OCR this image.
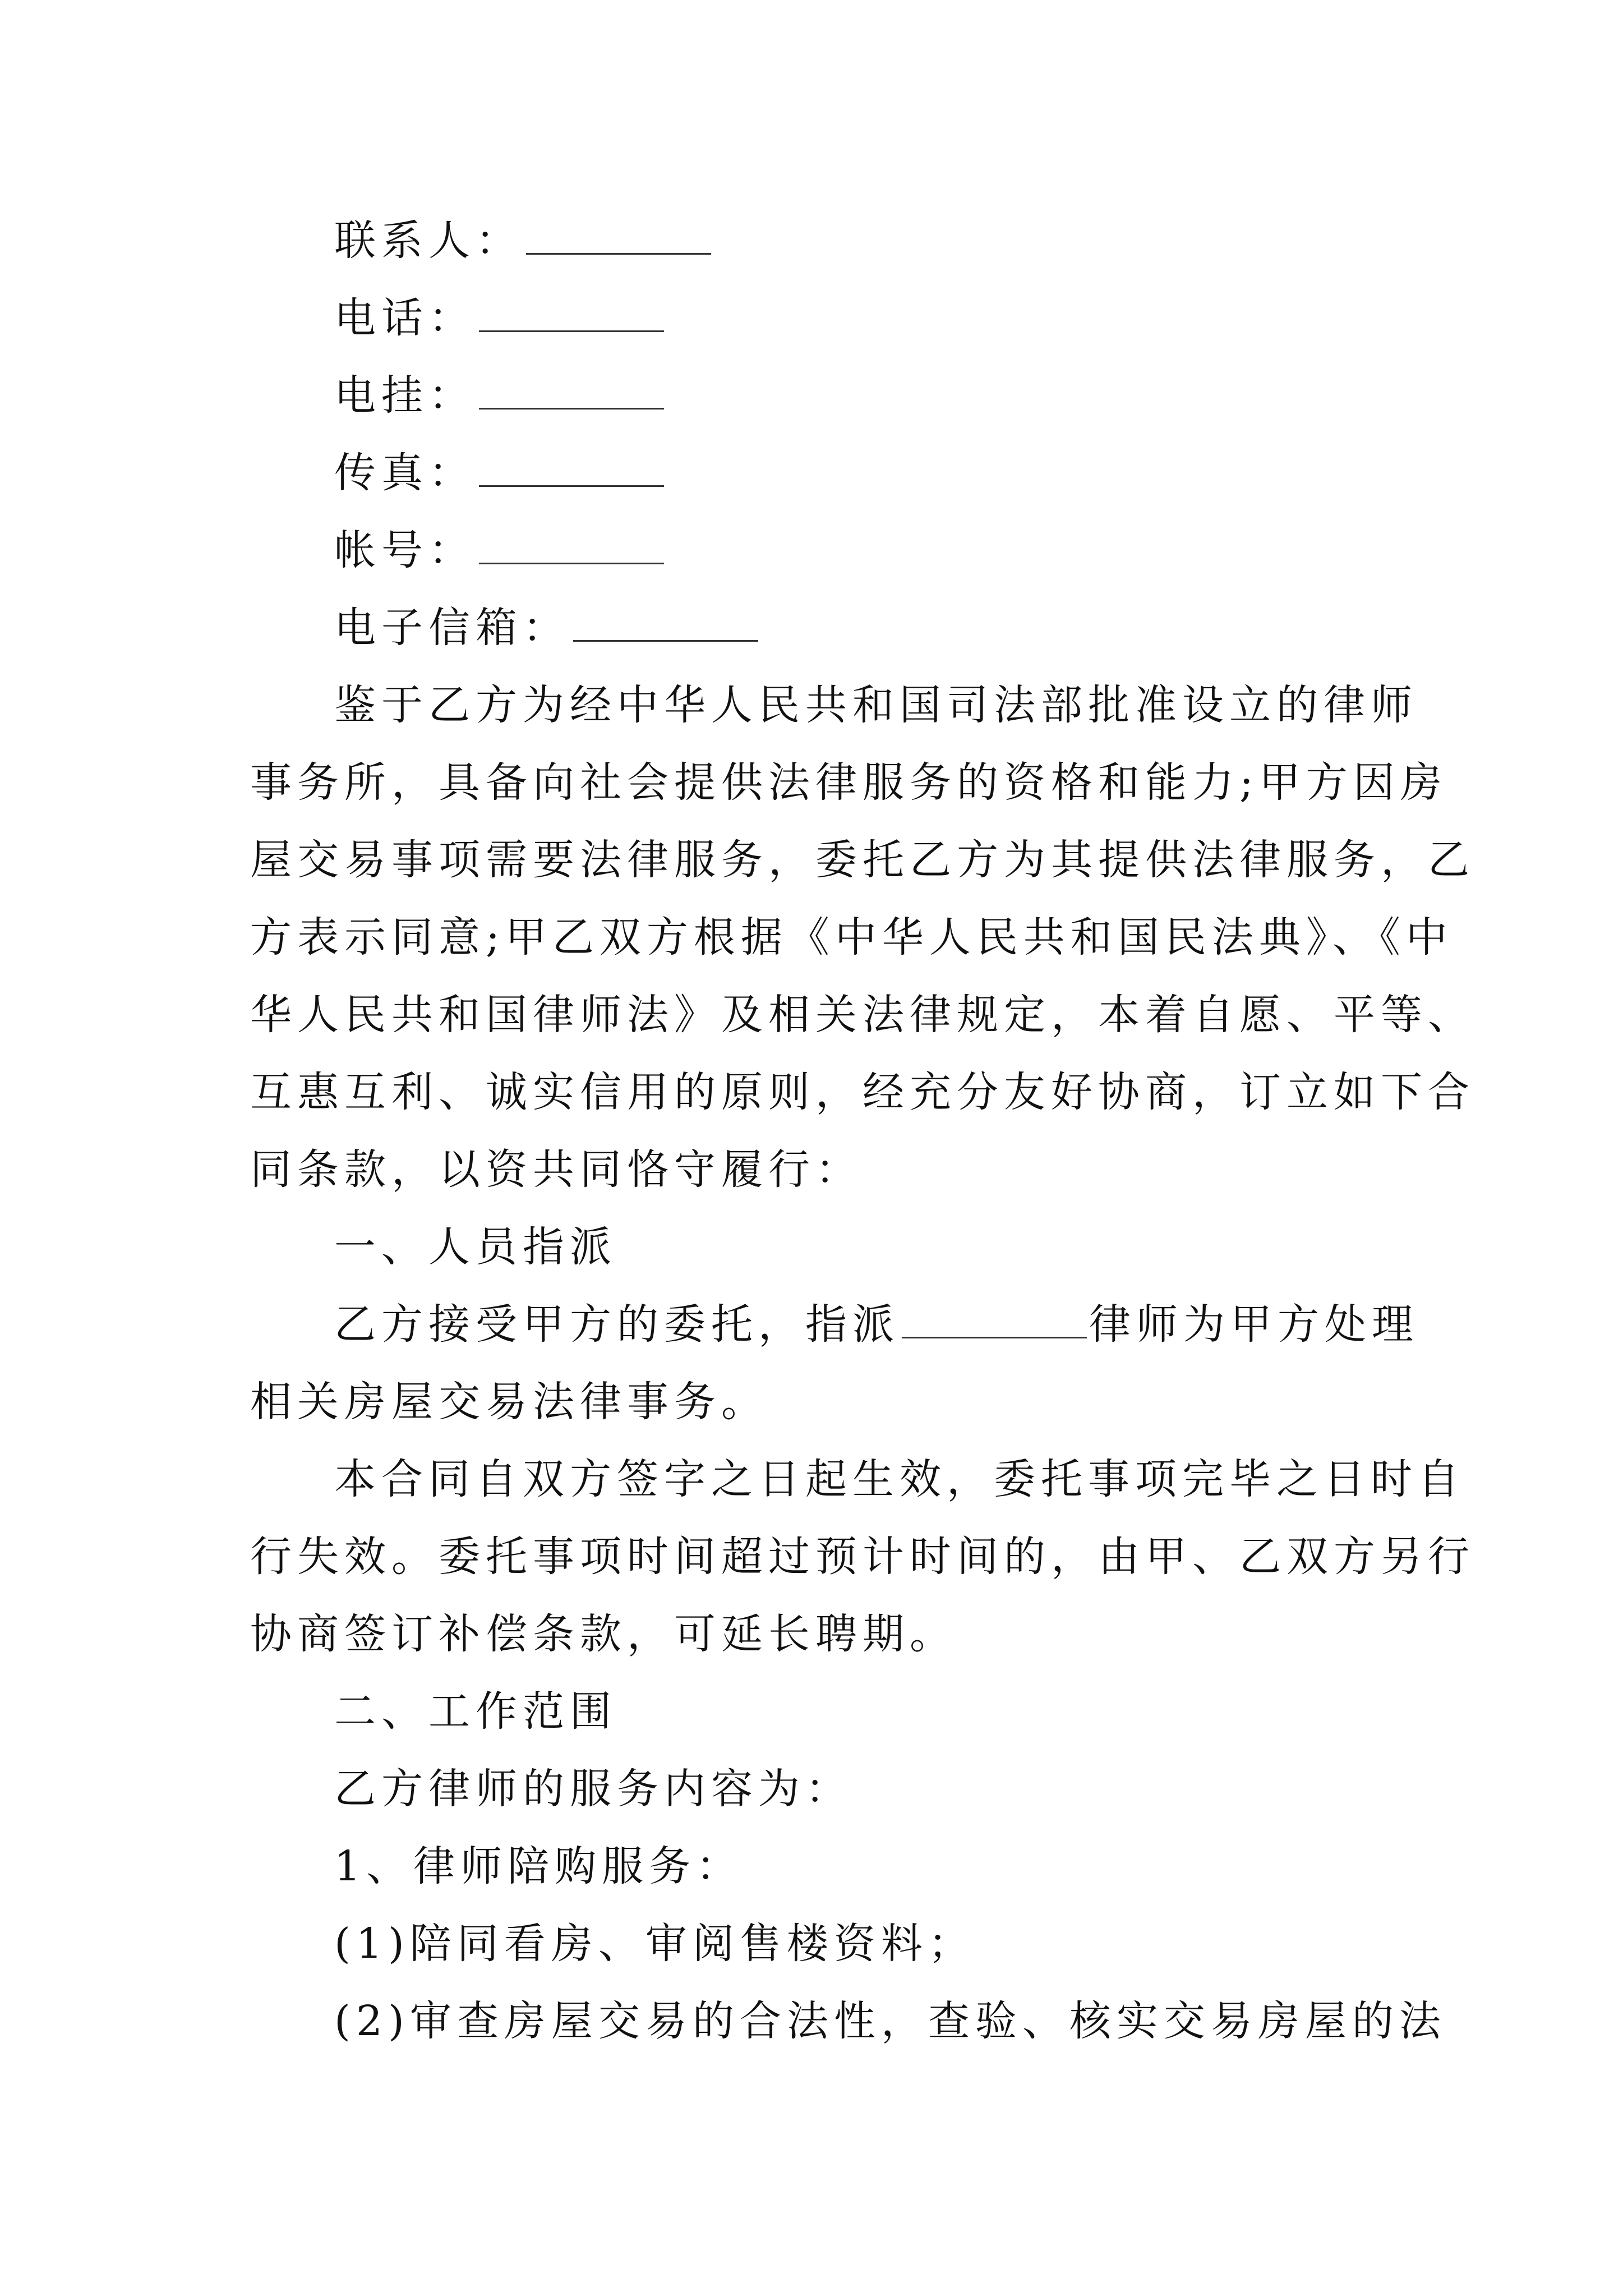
联系人：
电话：
电挂：
传真：
帐号：
电子信箱：
鉴于乙方为经中华人民共和国司法部批准设立的律师
事务所，具备向社会提供法律服务的资格和能力;甲方因房
屋交易事项需要法律服务，委托乙方为其提供法律服务，乙
方表示同意;甲乙双方根据《中华人民共和国民法典》、《中
华人民共和国律师法》及相关法律规定，本着自愿、平等、
互惠互利、诚实信用的原则，经充分友好协商，订立如下合
同条款，以资共同恪守履行：
一、人员指派
乙方接受甲方的委托，指派	律师为甲方处理
相关房屋交易法律事务。
本合同自双方签字之日起生效，委托事项完毕之日时自
行失效。委托事项时间超过预计时间的，由甲、乙双方另行
协商签订补偿条款，可延长聘期。
二、工作范围
乙方律师的服务内容为：
1、律师陪购服务：
(1)陪同看房、审阅售楼资料；
(2)审查房屋交易的合法性，查验、核实交易房屋的法
